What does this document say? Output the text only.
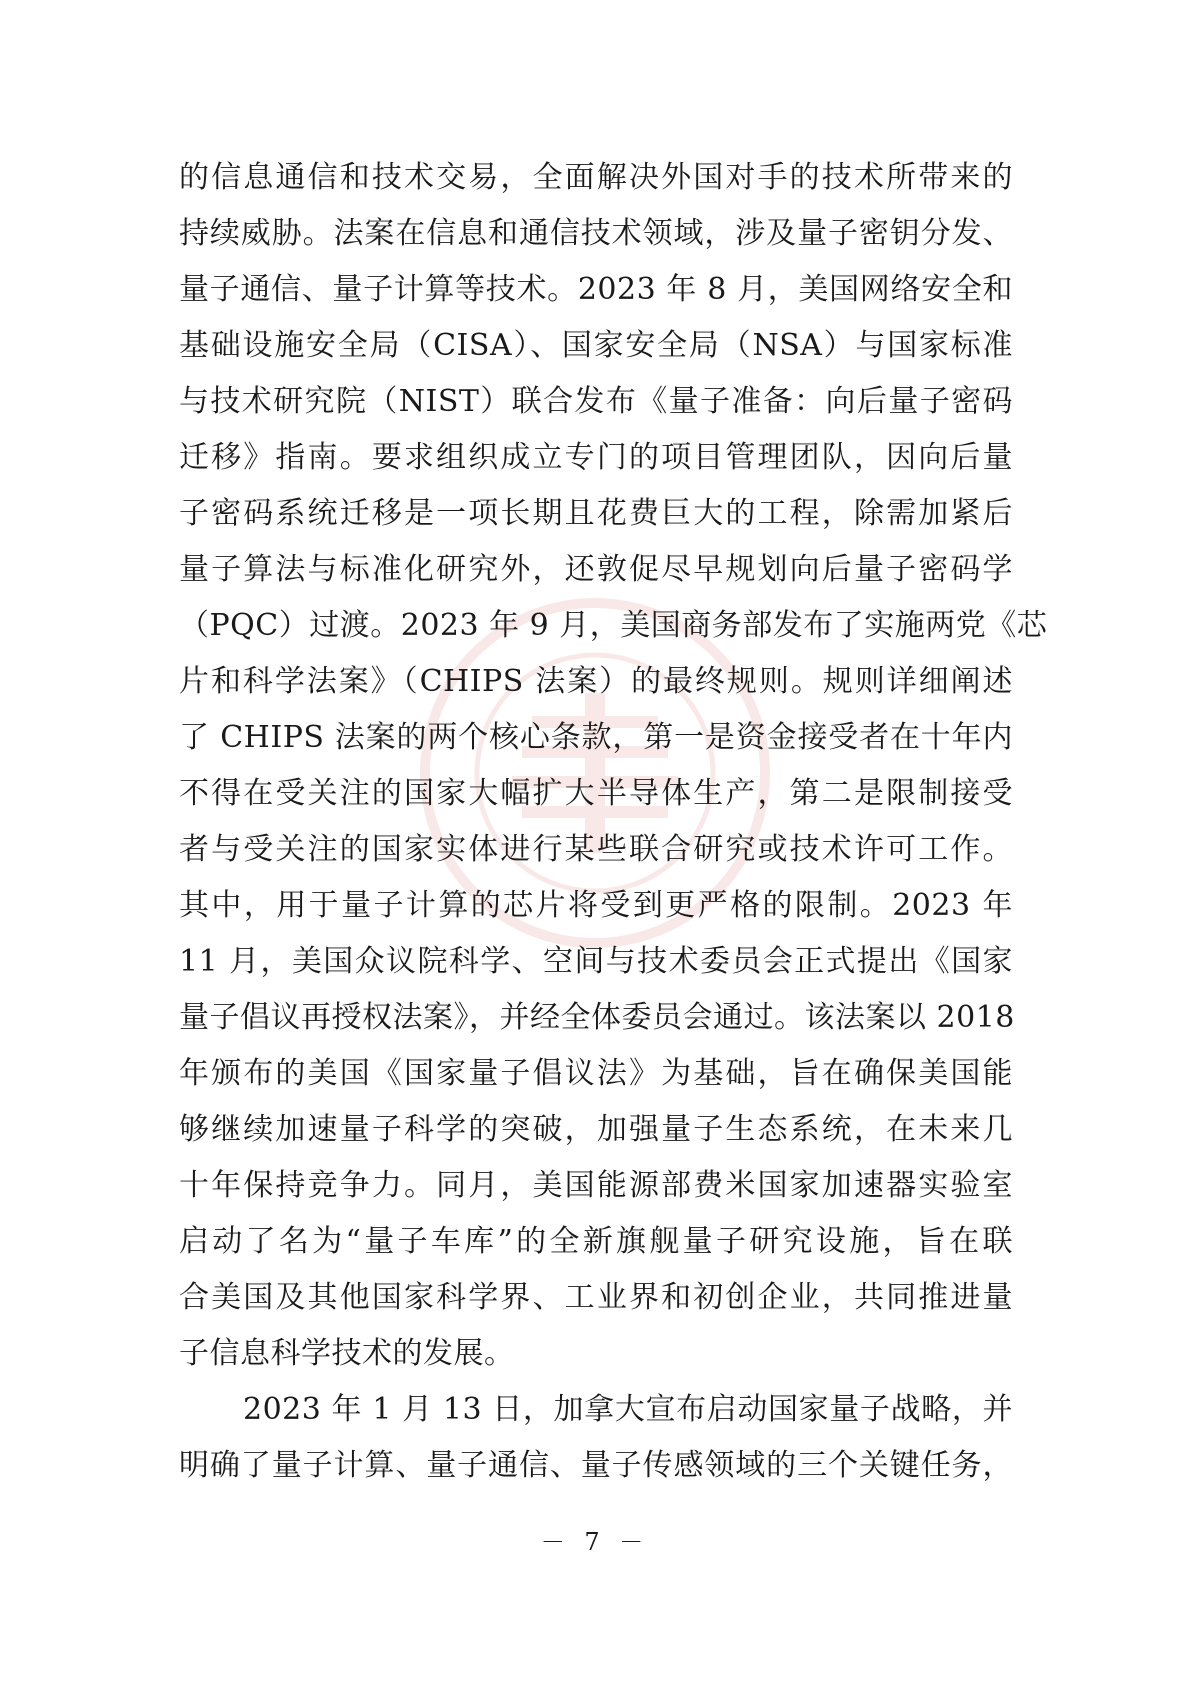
的信息通信和技术交易，全面解决外国对手的技术所带来的
持续威胁。法案在信息和通信技术领域，涉及量子密钥分发、
量子通信、量子计算等技术。2023 年 8 月，美国网络安全和
基础设施安全局（CISA）、国家安全局（NSA）与国家标准
与技术研究院（NIST）联合发布《量子准备：向后量子密码
迁移》指南。要求组织成立专门的项目管理团队，因向后量
子密码系统迁移是一项长期且花费巨大的工程，除需加紧后
量子算法与标准化研究外，还敦促尽早规划向后量子密码学
（PQC）过渡。2023 年 9 月，美国商务部发布了实施两党《芯
片和科学法案》（CHIPS 法案）的最终规则。规则详细阐述
了 CHIPS 法案的两个核心条款，第一是资金接受者在十年内
不得在受关注的国家大幅扩大半导体生产，第二是限制接受
者与受关注的国家实体进行某些联合研究或技术许可工作。
其中，用于量子计算的芯片将受到更严格的限制。2023 年
11 月，美国众议院科学、空间与技术委员会正式提出《国家
量子倡议再授权法案》，并经全体委员会通过。该法案以 2018
年颁布的美国《国家量子倡议法》为基础，旨在确保美国能
够继续加速量子科学的突破，加强量子生态系统，在未来几
十年保持竞争力。同月，美国能源部费米国家加速器实验室
启动了名为“量子车库”的全新旗舰量子研究设施，旨在联
合美国及其他国家科学界、工业界和初创企业，共同推进量
子信息科学技术的发展。
2023 年 1 月 13 日，加拿大宣布启动国家量子战略，并
明确了量子计算、量子通信、量子传感领域的三个关键任务，
－ 7 －
